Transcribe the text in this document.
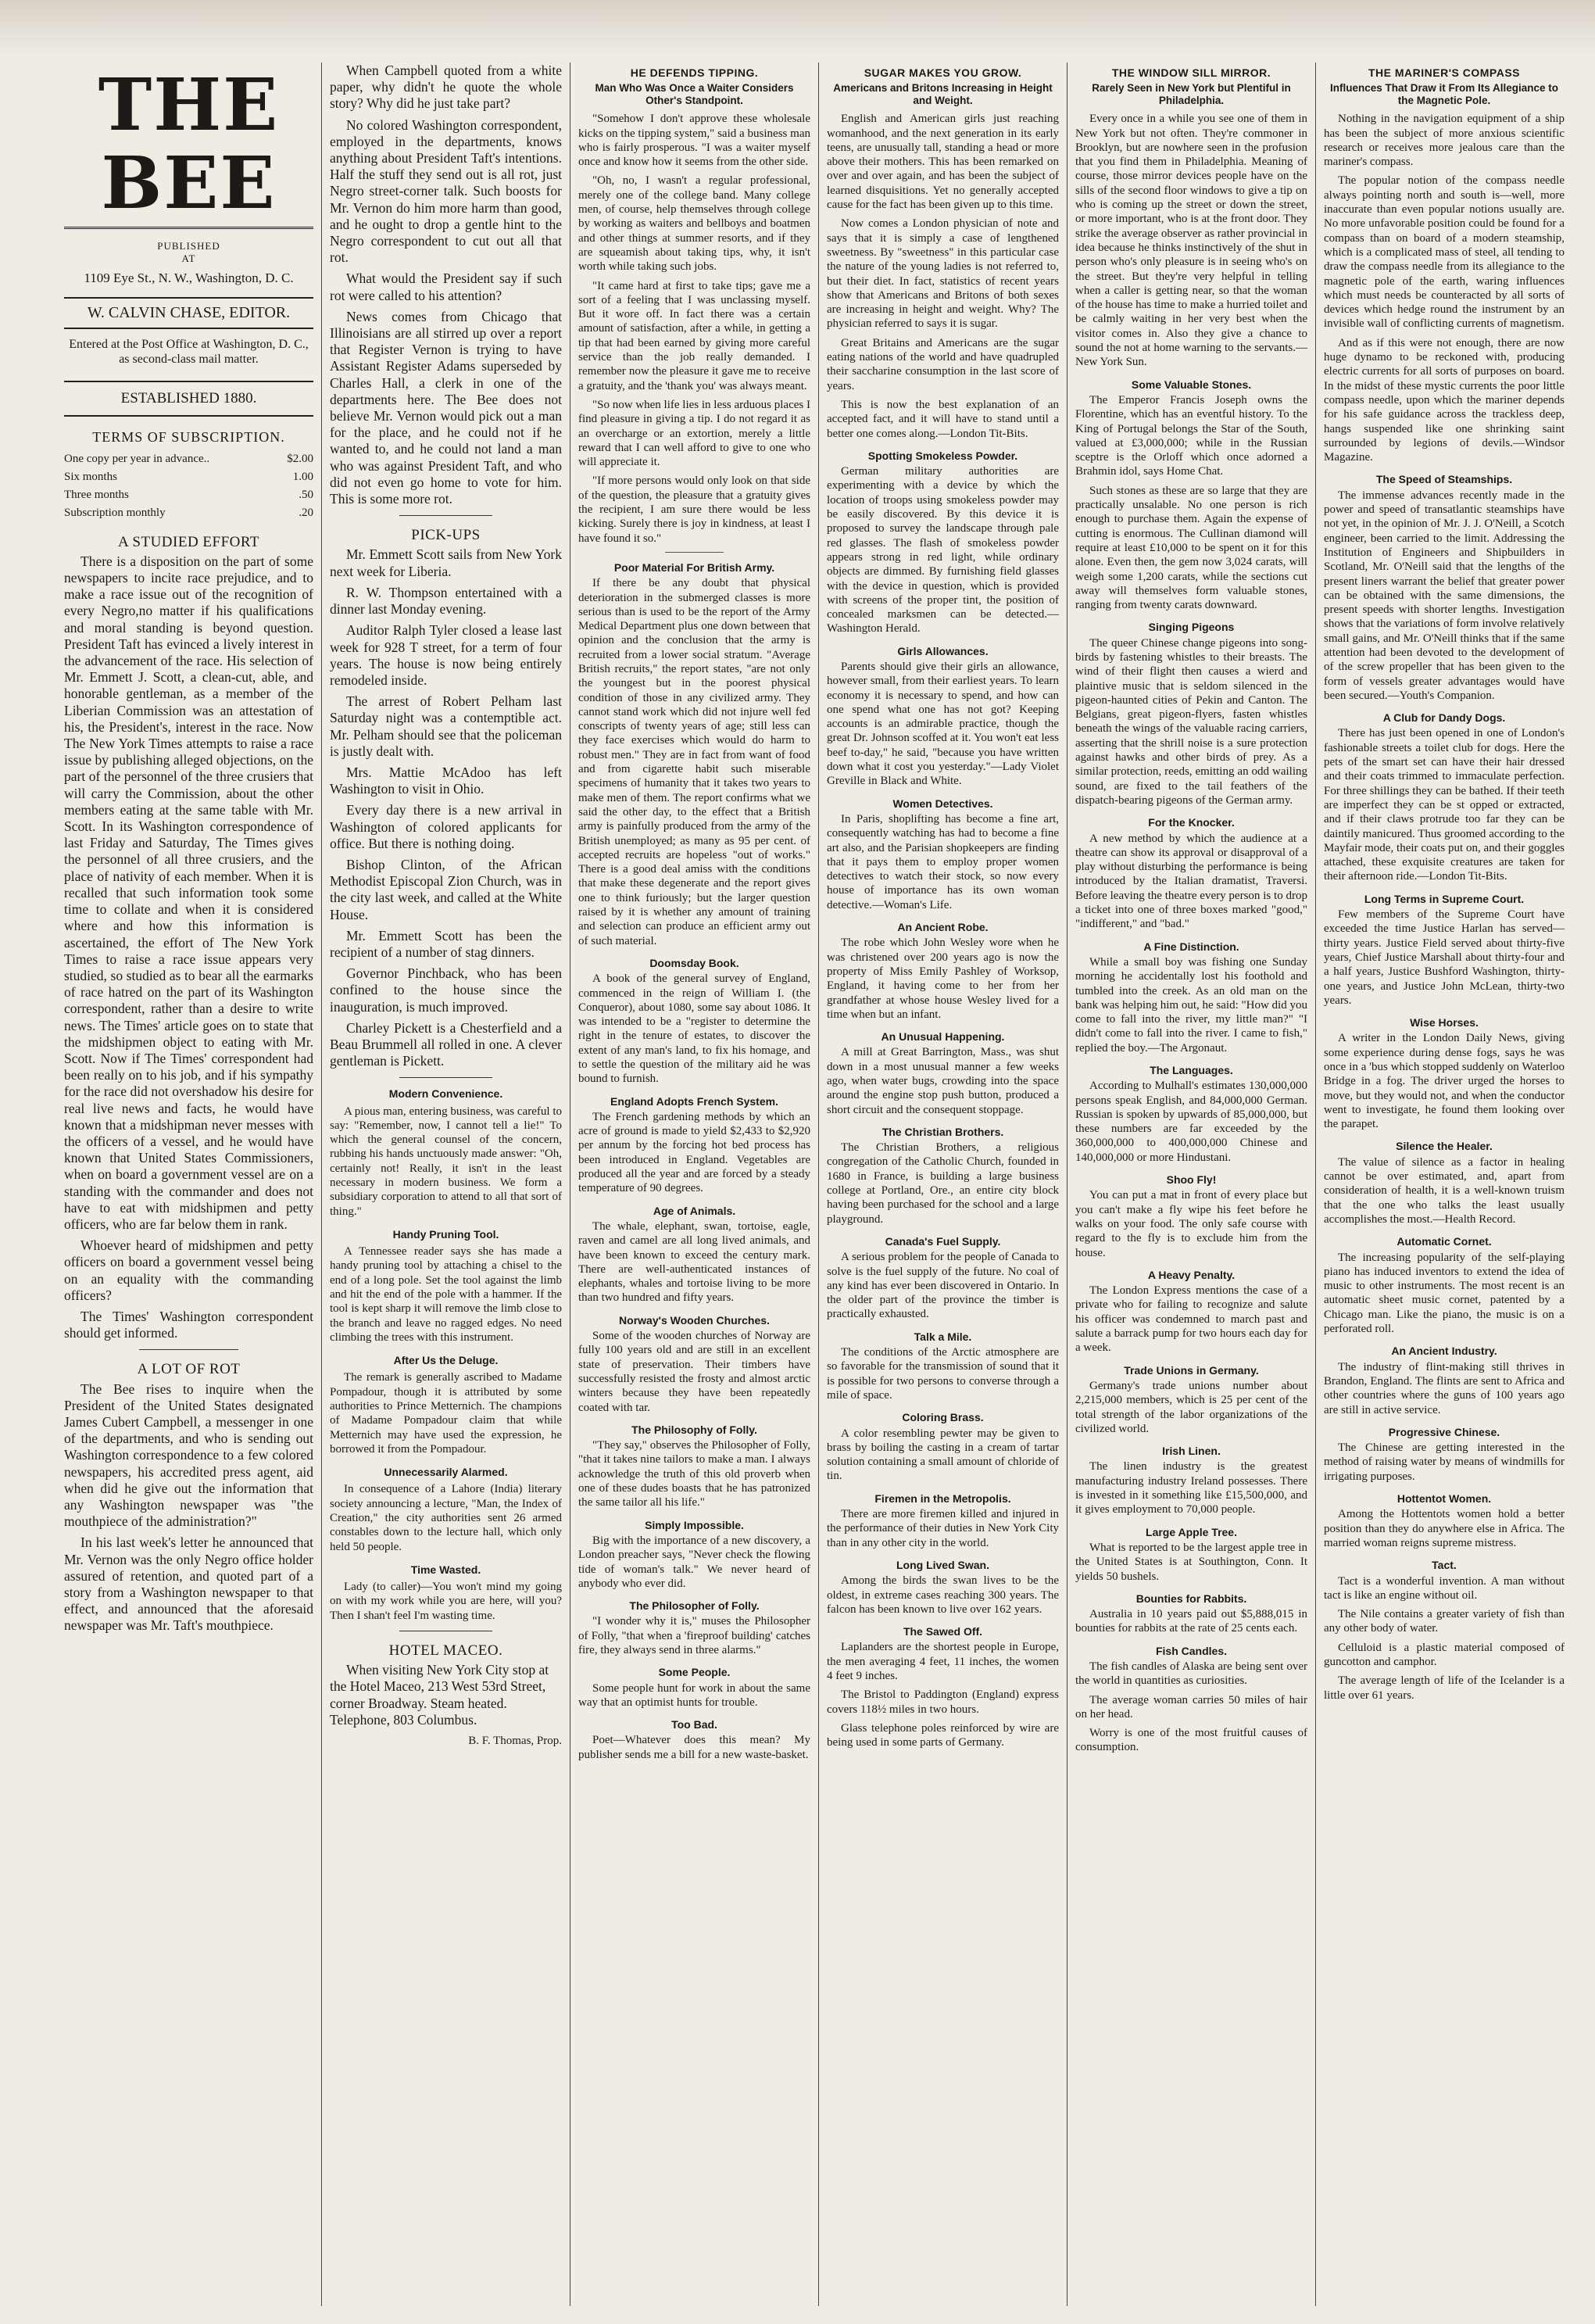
THE BEE
PUBLISHED
AT
1109 Eye St., N. W., Washington, D. C.
W. CALVIN CHASE, EDITOR.
Entered at the Post Office at Washington, D. C., as second-class mail matter.
ESTABLISHED 1880.
TERMS OF SUBSCRIPTION.
One copy per year in advance..	$2.00
Six months	1.00
Three months	.50
Subscription monthly	.20
A STUDIED EFFORT

There is a disposition on the part of some newspapers to incite race prejudice, and to make a race issue out of the recognition of every Negro,no matter if his qualifications and moral standing is beyond question. President Taft has evinced a lively interest in the advancement of the race. His selection of Mr. Emmett J. Scott, a clean-cut, able, and honorable gentleman, as a member of the Liberian Commission was an attestation of his, the President's, interest in the race. Now The New York Times attempts to raise a race issue by publishing alleged objections, on the part of the personnel of the three crusiers that will carry the Commission, about the other members eating at the same table with Mr. Scott. In its Washington correspondence of last Friday and Saturday, The Times gives the personnel of all three crusiers, and the place of nativity of each member. When it is recalled that such information took some time to collate and when it is considered where and how this information is ascertained, the effort of The New York Times to raise a race issue appears very studied, so studied as to bear all the earmarks of race hatred on the part of its Washington correspondent, rather than a desire to write news. The Times' article goes on to state that the midshipmen object to eating with Mr. Scott. Now if The Times' correspondent had been really on to his job, and if his sympathy for the race did not overshadow his desire for real live news and facts, he would have known that a midshipman never messes with the officers of a vessel, and he would have known that United States Commissioners, when on board a government vessel are on a standing with the commander and does not have to eat with midshipmen and petty officers, who are far below them in rank.

Whoever heard of midshipmen and petty officers on board a government vessel being on an equality with the commanding officers?

The Times' Washington correspondent should get informed.

A LOT OF ROT

The Bee rises to inquire when the President of the United States designated James Cubert Campbell, a messenger in one of the departments, and who is sending out Washington correspondence to a few colored newspapers, his accredited press agent, aid when did he give out the information that any Washington newspaper was "the mouthpiece of the administration?"

In his last week's letter he announced that Mr. Vernon was the only Negro office holder assured of retention, and quoted part of a story from a Washington newspaper to that effect, and announced that the aforesaid newspaper was Mr. Taft's mouthpiece.

When Campbell quoted from a white paper, why didn't he quote the whole story? Why did he just take part?

No colored Washington correspondent, employed in the departments, knows anything about President Taft's intentions. Half the stuff they send out is all rot, just Negro street-corner talk. Such boosts for Mr. Vernon do him more harm than good, and he ought to drop a gentle hint to the Negro correspondent to cut out all that rot.

What would the President say if such rot were called to his attention?

News comes from Chicago that Illinoisians are all stirred up over a report that Register Vernon is trying to have Assistant Register Adams superseded by Charles Hall, a clerk in one of the departments here. The Bee does not believe Mr. Vernon would pick out a man for the place, and he could not if he wanted to, and he could not land a man who was against President Taft, and who did not even go home to vote for him. This is some more rot.

PICK-UPS

Mr. Emmett Scott sails from New York next week for Liberia.

R. W. Thompson entertained with a dinner last Monday evening.

Auditor Ralph Tyler closed a lease last week for 928 T street, for a term of four years. The house is now being entirely remodeled inside.

The arrest of Robert Pelham last Saturday night was a contemptible act. Mr. Pelham should see that the policeman is justly dealt with.

Mrs. Mattie McAdoo has left Washington to visit in Ohio.

Every day there is a new arrival in Washington of colored applicants for office. But there is nothing doing.

Bishop Clinton, of the African Methodist Episcopal Zion Church, was in the city last week, and called at the White House.

Mr. Emmett Scott has been the recipient of a number of stag dinners.

Governor Pinchback, who has been confined to the house since the inauguration, is much improved.

Charley Pickett is a Chesterfield and a Beau Brummell all rolled in one. A clever gentleman is Pickett.

Modern Convenience.

A pious man, entering business, was careful to say: "Remember, now, I cannot tell a lie!" To which the general counsel of the concern, rubbing his hands unctuously made answer: "Oh, certainly not! Really, it isn't in the least necessary in modern business. We form a subsidiary corporation to attend to all that sort of thing."

Handy Pruning Tool.

A Tennessee reader says she has made a handy pruning tool by attaching a chisel to the end of a long pole. Set the tool against the limb and hit the end of the pole with a hammer. If the tool is kept sharp it will remove the limb close to the branch and leave no ragged edges. No need climbing the trees with this instrument.

After Us the Deluge.

The remark is generally ascribed to Madame Pompadour, though it is attributed by some authorities to Prince Metternich. The champions of Madame Pompadour claim that while Metternich may have used the expression, he borrowed it from the Pompadour.

Unnecessarily Alarmed.

In consequence of a Lahore (India) literary society announcing a lecture, "Man, the Index of Creation," the city authorities sent 26 armed constables down to the lecture hall, which only held 50 people.

Time Wasted.

Lady (to caller)—You won't mind my going on with my work while you are here, will you? Then I shan't feel I'm wasting time.

HOTEL MACEO.

When visiting New York City stop at the Hotel Maceo, 213 West 53rd Street, corner Broadway. Steam heated. Telephone, 803 Columbus.

B. F. Thomas, Prop.
HE DEFENDS TIPPING.
Man Who Was Once a Waiter Considers Other's Standpoint.

"Somehow I don't approve these wholesale kicks on the tipping system," said a business man who is fairly prosperous. "I was a waiter myself once and know how it seems from the other side.

"Oh, no, I wasn't a regular professional, merely one of the college band. Many college men, of course, help themselves through college by working as waiters and bellboys and boatmen and other things at summer resorts, and if they are squeamish about taking tips, why, it isn't worth while taking such jobs.

"It came hard at first to take tips; gave me a sort of a feeling that I was unclassing myself. But it wore off. In fact there was a certain amount of satisfaction, after a while, in getting a tip that had been earned by giving more careful service than the job really demanded. I remember now the pleasure it gave me to receive a gratuity, and the 'thank you' was always meant.

"So now when life lies in less arduous places I find pleasure in giving a tip. I do not regard it as an overcharge or an extortion, merely a little reward that I can well afford to give to one who will appreciate it.

"If more persons would only look on that side of the question, the pleasure that a gratuity gives the recipient, I am sure there would be less kicking. Surely there is joy in kindness, at least I have found it so."

Poor Material For British Army.

If there be any doubt that physical deterioration in the submerged classes is more serious than is used to be the report of the Army Medical Department plus one down between that opinion and the conclusion that the army is recruited from a lower social stratum. "Average British recruits," the report states, "are not only the youngest but in the poorest physical condition of those in any civilized army. They cannot stand work which did not injure well fed conscripts of twenty years of age; still less can they face exercises which would do harm to robust men." They are in fact from want of food and from cigarette habit such miserable specimens of humanity that it takes two years to make men of them. The report confirms what we said the other day, to the effect that a British army is painfully produced from the army of the British unemployed; as many as 95 per cent. of accepted recruits are hopeless "out of works." There is a good deal amiss with the conditions that make these degenerate and the report gives one to think furiously; but the larger question raised by it is whether any amount of training and selection can produce an efficient army out of such material.

Doomsday Book.

A book of the general survey of England, commenced in the reign of William I. (the Conqueror), about 1080, some say about 1086. It was intended to be a "register to determine the right in the tenure of estates, to discover the extent of any man's land, to fix his homage, and to settle the question of the military aid he was bound to furnish.

England Adopts French System.

The French gardening methods by which an acre of ground is made to yield $2,433 to $2,920 per annum by the forcing hot bed process has been introduced in England. Vegetables are produced all the year and are forced by a steady temperature of 90 degrees.

Age of Animals.

The whale, elephant, swan, tortoise, eagle, raven and camel are all long lived animals, and have been known to exceed the century mark. There are well-authenticated instances of elephants, whales and tortoise living to be more than two hundred and fifty years.

Norway's Wooden Churches.

Some of the wooden churches of Norway are fully 100 years old and are still in an excellent state of preservation. Their timbers have successfully resisted the frosty and almost arctic winters because they have been repeatedly coated with tar.

The Philosophy of Folly.

"They say," observes the Philosopher of Folly, "that it takes nine tailors to make a man. I always acknowledge the truth of this old proverb when one of these dudes boasts that he has patronized the same tailor all his life."

Simply Impossible.

Big with the importance of a new discovery, a London preacher says, "Never check the flowing tide of woman's talk." We never heard of anybody who ever did.

The Philosopher of Folly.

"I wonder why it is," muses the Philosopher of Folly, "that when a 'fireproof building' catches fire, they always send in three alarms."

Some People.

Some people hunt for work in about the same way that an optimist hunts for trouble.

Too Bad.

Poet—Whatever does this mean? My publisher sends me a bill for a new waste-basket.

SUGAR MAKES YOU GROW.
Americans and Britons Increasing in Height and Weight.

English and American girls just reaching womanhood, and the next generation in its early teens, are unusually tall, standing a head or more above their mothers. This has been remarked on over and over again, and has been the subject of learned disquisitions. Yet no generally accepted cause for the fact has been given up to this time.

Now comes a London physician of note and says that it is simply a case of lengthened sweetness. By "sweetness" in this particular case the nature of the young ladies is not referred to, but their diet. In fact, statistics of recent years show that Americans and Britons of both sexes are increasing in height and weight. Why? The physician referred to says it is sugar.

Great Britains and Americans are the sugar eating nations of the world and have quadrupled their saccharine consumption in the last score of years.

This is now the best explanation of an accepted fact, and it will have to stand until a better one comes along.—London Tit-Bits.

Spotting Smokeless Powder.

German military authorities are experimenting with a device by which the location of troops using smokeless powder may be easily discovered. By this device it is proposed to survey the landscape through pale red glasses. The flash of smokeless powder appears strong in red light, while ordinary objects are dimmed. By furnishing field glasses with the device in question, which is provided with screens of the proper tint, the position of concealed marksmen can be detected.—Washington Herald.

Girls Allowances.

Parents should give their girls an allowance, however small, from their earliest years. To learn economy it is necessary to spend, and how can one spend what one has not got? Keeping accounts is an admirable practice, though the great Dr. Johnson scoffed at it. You won't eat less beef to-day," he said, "because you have written down what it cost you yesterday."—Lady Violet Greville in Black and White.

Women Detectives.

In Paris, shoplifting has become a fine art, consequently watching has had to become a fine art also, and the Parisian shopkeepers are finding that it pays them to employ proper women detectives to watch their stock, so now every house of importance has its own woman detective.—Woman's Life.

An Ancient Robe.

The robe which John Wesley wore when he was christened over 200 years ago is now the property of Miss Emily Pashley of Worksop, England, it having come to her from her grandfather at whose house Wesley lived for a time when but an infant.

An Unusual Happening.

A mill at Great Barrington, Mass., was shut down in a most unusual manner a few weeks ago, when water bugs, crowding into the space around the engine stop push button, produced a short circuit and the consequent stoppage.

The Christian Brothers.

The Christian Brothers, a religious congregation of the Catholic Church, founded in 1680 in France, is building a large business college at Portland, Ore., an entire city block having been purchased for the school and a large playground.

Canada's Fuel Supply.

A serious problem for the people of Canada to solve is the fuel supply of the future. No coal of any kind has ever been discovered in Ontario. In the older part of the province the timber is practically exhausted.

Talk a Mile.

The conditions of the Arctic atmosphere are so favorable for the transmission of sound that it is possible for two persons to converse through a mile of space.

Coloring Brass.

A color resembling pewter may be given to brass by boiling the casting in a cream of tartar solution containing a small amount of chloride of tin.

Firemen in the Metropolis.

There are more firemen killed and injured in the performance of their duties in New York City than in any other city in the world.

Long Lived Swan.

Among the birds the swan lives to be the oldest, in extreme cases reaching 300 years. The falcon has been known to live over 162 years.

The Sawed Off.

Laplanders are the shortest people in Europe, the men averaging 4 feet, 11 inches, the women 4 feet 9 inches.

The Bristol to Paddington (England) express covers 118½ miles in two hours.

Glass telephone poles reinforced by wire are being used in some parts of Germany.

THE WINDOW SILL MIRROR.
Rarely Seen in New York but Plentiful in Philadelphia.

Every once in a while you see one of them in New York but not often. They're commoner in Brooklyn, but are nowhere seen in the profusion that you find them in Philadelphia. Meaning of course, those mirror devices people have on the sills of the second floor windows to give a tip on who is coming up the street or down the street, or more important, who is at the front door. They strike the average observer as rather provincial in idea because he thinks instinctively of the shut in person who's only pleasure is in seeing who's on the street. But they're very helpful in telling when a caller is getting near, so that the woman of the house has time to make a hurried toilet and be calmly waiting in her very best when the visitor comes in. Also they give a chance to sound the not at home warning to the servants.—New York Sun.

Some Valuable Stones.

The Emperor Francis Joseph owns the Florentine, which has an eventful history. To the King of Portugal belongs the Star of the South, valued at £3,000,000; while in the Russian sceptre is the Orloff which once adorned a Brahmin idol, says Home Chat.

Such stones as these are so large that they are practically unsalable. No one person is rich enough to purchase them. Again the expense of cutting is enormous. The Cullinan diamond will require at least £10,000 to be spent on it for this alone. Even then, the gem now 3,024 carats, will weigh some 1,200 carats, while the sections cut away will themselves form valuable stones, ranging from twenty carats downward.

Singing Pigeons

The queer Chinese change pigeons into song-birds by fastening whistles to their breasts. The wind of their flight then causes a wierd and plaintive music that is seldom silenced in the pigeon-haunted cities of Pekin and Canton. The Belgians, great pigeon-flyers, fasten whistles beneath the wings of the valuable racing carriers, asserting that the shrill noise is a sure protection against hawks and other birds of prey. As a similar protection, reeds, emitting an odd wailing sound, are fixed to the tail feathers of the dispatch-bearing pigeons of the German army.

For the Knocker.

A new method by which the audience at a theatre can show its approval or disapproval of a play without disturbing the performance is being introduced by the Italian dramatist, Traversi. Before leaving the theatre every person is to drop a ticket into one of three boxes marked "good," "indifferent," and "bad."

A Fine Distinction.

While a small boy was fishing one Sunday morning he accidentally lost his foothold and tumbled into the creek. As an old man on the bank was helping him out, he said: "How did you come to fall into the river, my little man?" "I didn't come to fall into the river. I came to fish," replied the boy.—The Argonaut.

The Languages.

According to Mulhall's estimates 130,000,000 persons speak English, and 84,000,000 German. Russian is spoken by upwards of 85,000,000, but these numbers are far exceeded by the 360,000,000 to 400,000,000 Chinese and 140,000,000 or more Hindustani.

Shoo Fly!

You can put a mat in front of every place but you can't make a fly wipe his feet before he walks on your food. The only safe course with regard to the fly is to exclude him from the house.

A Heavy Penalty.

The London Express mentions the case of a private who for failing to recognize and salute his officer was condemned to march past and salute a barrack pump for two hours each day for a week.

Trade Unions in Germany.

Germany's trade unions number about 2,215,000 members, which is 25 per cent of the total strength of the labor organizations of the civilized world.

Irish Linen.

The linen industry is the greatest manufacturing industry Ireland possesses. There is invested in it something like £15,500,000, and it gives employment to 70,000 people.

Large Apple Tree.

What is reported to be the largest apple tree in the United States is at Southington, Conn. It yields 50 bushels.

Bounties for Rabbits.

Australia in 10 years paid out $5,888,015 in bounties for rabbits at the rate of 25 cents each.

Fish Candles.

The fish candles of Alaska are being sent over the world in quantities as curiosities.

The average woman carries 50 miles of hair on her head.

Worry is one of the most fruitful causes of consumption.

THE MARINER'S COMPASS
Influences That Draw it From Its Allegiance to the Magnetic Pole.

Nothing in the navigation equipment of a ship has been the subject of more anxious scientific research or receives more jealous care than the mariner's compass.

The popular notion of the compass needle always pointing north and south is—well, more inaccurate than even popular notions usually are. No more unfavorable position could be found for a compass than on board of a modern steamship, which is a complicated mass of steel, all tending to draw the compass needle from its allegiance to the magnetic pole of the earth, waring influences which must needs be counteracted by all sorts of devices which hedge round the instrument by an invisible wall of conflicting currents of magnetism.

And as if this were not enough, there are now huge dynamo to be reckoned with, producing electric currents for all sorts of purposes on board. In the midst of these mystic currents the poor little compass needle, upon which the mariner depends for his safe guidance across the trackless deep, hangs suspended like one shrinking saint surrounded by legions of devils.—Windsor Magazine.

The Speed of Steamships.

The immense advances recently made in the power and speed of transatlantic steamships have not yet, in the opinion of Mr. J. J. O'Neill, a Scotch engineer, been carried to the limit. Addressing the Institution of Engineers and Shipbuilders in Scotland, Mr. O'Neill said that the lengths of the present liners warrant the belief that greater power can be obtained with the same dimensions, the present speeds with shorter lengths. Investigation shows that the variations of form involve relatively small gains, and Mr. O'Neill thinks that if the same attention had been devoted to the development of of the screw propeller that has been given to the form of vessels greater advantages would have been secured.—Youth's Companion.

A Club for Dandy Dogs.

There has just been opened in one of London's fashionable streets a toilet club for dogs. Here the pets of the smart set can have their hair dressed and their coats trimmed to immaculate perfection. For three shillings they can be bathed. If their teeth are imperfect they can be st opped or extracted, and if their claws protrude too far they can be daintily manicured. Thus groomed according to the Mayfair mode, their coats put on, and their goggles attached, these exquisite creatures are taken for their afternoon ride.—London Tit-Bits.

Long Terms in Supreme Court.

Few members of the Supreme Court have exceeded the time Justice Harlan has served—thirty years. Justice Field served about thirty-five years, Chief Justice Marshall about thirty-four and a half years, Justice Bushford Washington, thirty-one years, and Justice John McLean, thirty-two years.

Wise Horses.

A writer in the London Daily News, giving some experience during dense fogs, says he was once in a 'bus which stopped suddenly on Waterloo Bridge in a fog. The driver urged the horses to move, but they would not, and when the conductor went to investigate, he found them looking over the parapet.

Silence the Healer.

The value of silence as a factor in healing cannot be over estimated, and, apart from consideration of health, it is a well-known truism that the one who talks the least usually accomplishes the most.—Health Record.

Automatic Cornet.

The increasing popularity of the self-playing piano has induced inventors to extend the idea of music to other instruments. The most recent is an automatic sheet music cornet, patented by a Chicago man. Like the piano, the music is on a perforated roll.

An Ancient Industry.

The industry of flint-making still thrives in Brandon, England. The flints are sent to Africa and other countries where the guns of 100 years ago are still in active service.

Progressive Chinese.

The Chinese are getting interested in the method of raising water by means of windmills for irrigating purposes.

Hottentot Women.

Among the Hottentots women hold a better position than they do anywhere else in Africa. The married woman reigns supreme mistress.

Tact.

Tact is a wonderful invention. A man without tact is like an engine without oil.

The Nile contains a greater variety of fish than any other body of water.

Celluloid is a plastic material composed of guncotton and camphor.

The average length of life of the Icelander is a little over 61 years.
